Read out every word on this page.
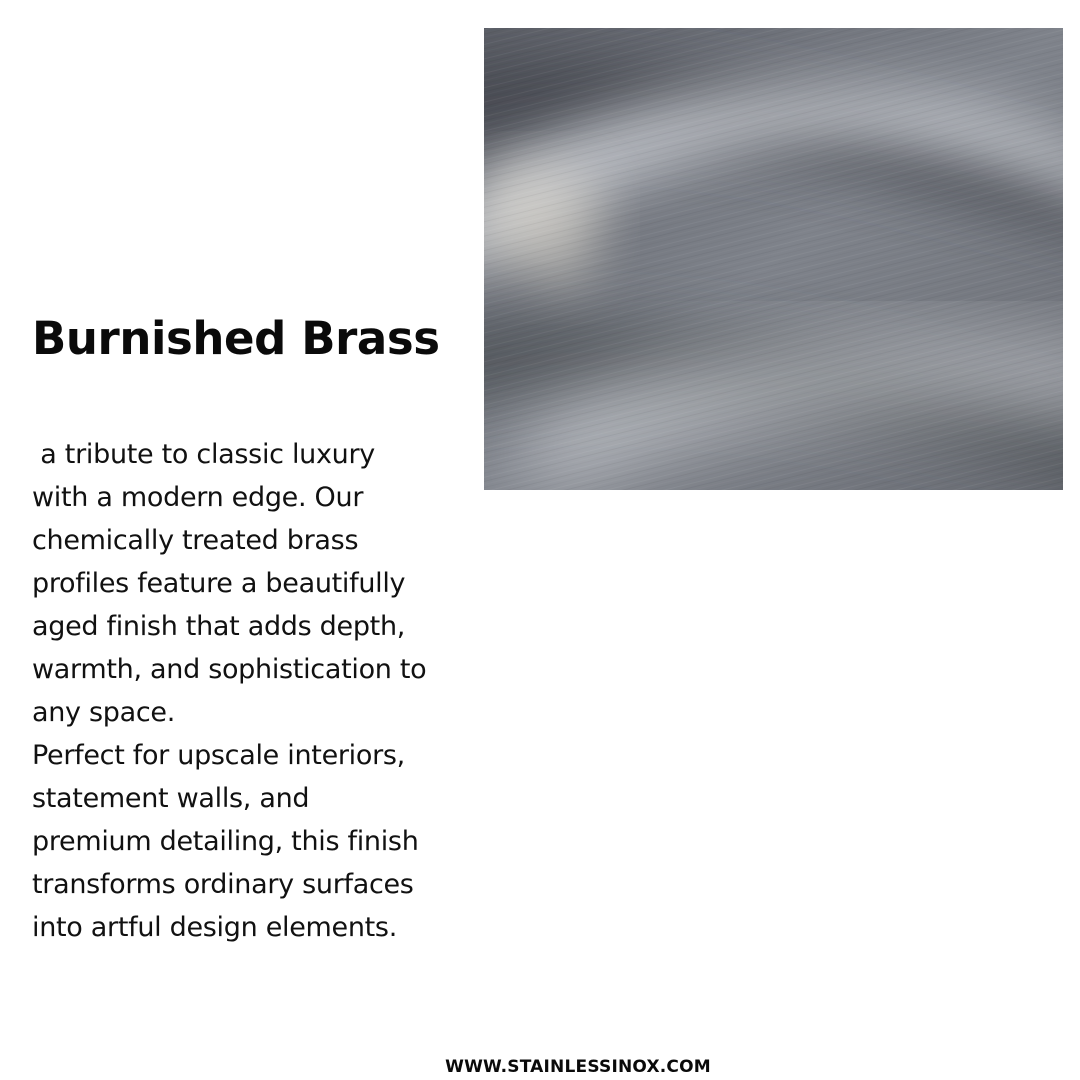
Burnished Brass

a tribute to classic luxury
with a modern edge. Our
chemically treated brass
profiles feature a beautifully
aged finish that adds depth,
warmth, and sophistication to
any space.
Perfect for upscale interiors,
statement walls, and
premium detailing, this finish
transforms ordinary surfaces
into artful design elements.

WWW.STAINLESSINOX.COM
